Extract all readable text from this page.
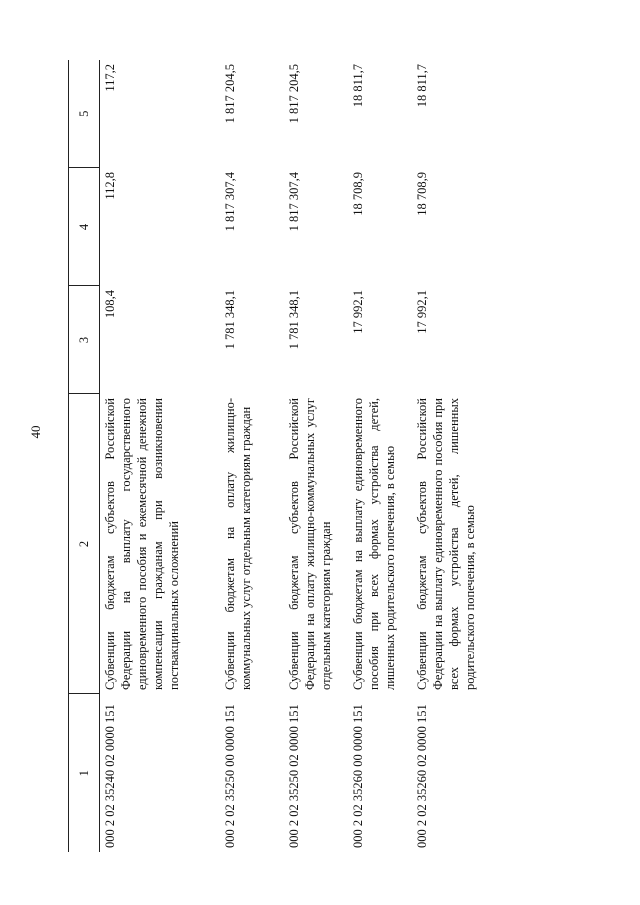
40
1	2	3	4	5
000 2 02 35240 02 0000 151	Субвенции бюджетам субъектов Российской Федерации на выплату государственного единовременного пособия и ежемесячной денежной компенсации гражданам при возникновении поствакцинальных осложнений	108,4	112,8	117,2
000 2 02 35250 00 0000 151	Субвенции бюджетам на оплату жилищно-коммунальных услуг отдельным категориям граждан	1 781 348,1	1 817 307,4	1 817 204,5
000 2 02 35250 02 0000 151	Субвенции бюджетам субъектов Российской Федерации на оплату жилищно-коммунальных услуг отдельным категориям граждан	1 781 348,1	1 817 307,4	1 817 204,5
000 2 02 35260 00 0000 151	Субвенции бюджетам на выплату единовременного пособия при всех формах устройства детей, лишенных родительского попечения, в семью	17 992,1	18 708,9	18 811,7
000 2 02 35260 02 0000 151	Субвенции бюджетам субъектов Российской Федерации на выплату единовременного пособия при всех формах устройства детей, лишенных родительского попечения, в семью	17 992,1	18 708,9	18 811,7
